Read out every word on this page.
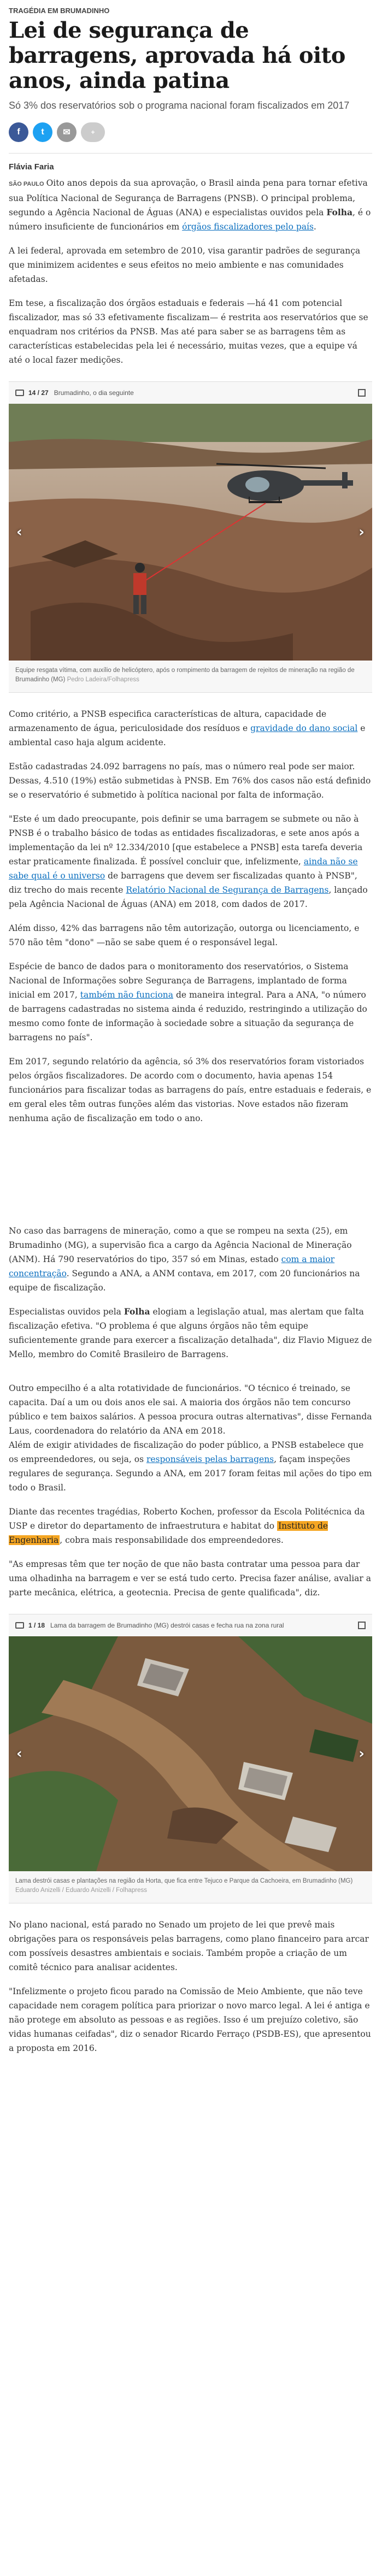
TRAGÉDIA EM BRUMADINHO
Lei de segurança de barragens, aprovada há oito anos, ainda patina
Só 3% dos reservatórios sob o programa nacional foram fiscalizados em 2017
f t ✉	+
Flávia Faria

SÃO PAULO Oito anos depois da sua aprovação, o Brasil ainda pena para tornar efetiva sua Política Nacional de Segurança de Barragens (PNSB). O principal problema, segundo a Agência Nacional de Águas (ANA) e especialistas ouvidos pela Folha, é o número insuficiente de funcionários em órgãos fiscalizadores pelo país.

A lei federal, aprovada em setembro de 2010, visa garantir padrões de segurança que minimizem acidentes e seus efeitos no meio ambiente e nas comunidades afetadas.

Em tese, a fiscalização dos órgãos estaduais e federais —há 41 com potencial fiscalizador, mas só 33 efetivamente fiscalizam— é restrita aos reservatórios que se enquadram nos critérios da PNSB. Mas até para saber se as barragens têm as características estabelecidas pela lei é necessário, muitas vezes, que a equipe vá até o local fazer medições.

14 / 27 Brumadinho, o dia seguinte
‹	›
Equipe resgata vítima, com auxílio de helicóptero, após o rompimento da barragem de rejeitos de mineração na região de Brumadinho (MG) Pedro Ladeira/Folhapress

Como critério, a PNSB especifica características de altura, capacidade de armazenamento de água, periculosidade dos resíduos e gravidade do dano social e ambiental caso haja algum acidente.

Estão cadastradas 24.092 barragens no país, mas o número real pode ser maior. Dessas, 4.510 (19%) estão submetidas à PNSB. Em 76% dos casos não está definido se o reservatório é submetido à política nacional por falta de informação.

"Este é um dado preocupante, pois definir se uma barragem se submete ou não à PNSB é o trabalho básico de todas as entidades fiscalizadoras, e sete anos após a implementação da lei nº 12.334/2010 [que estabelece a PNSB] esta tarefa deveria estar praticamente finalizada. É possível concluir que, infelizmente, ainda não se sabe qual é o universo de barragens que devem ser fiscalizadas quanto à PNSB", diz trecho do mais recente Relatório Nacional de Segurança de Barragens, lançado pela Agência Nacional de Águas (ANA) em 2018, com dados de 2017.

Além disso, 42% das barragens não têm autorização, outorga ou licenciamento, e 570 não têm "dono" —não se sabe quem é o responsável legal.

Espécie de banco de dados para o monitoramento dos reservatórios, o Sistema Nacional de Informações sobre Segurança de Barragens, implantado de forma inicial em 2017, também não funciona de maneira integral. Para a ANA, "o número de barragens cadastradas no sistema ainda é reduzido, restringindo a utilização do mesmo como fonte de informação à sociedade sobre a situação da segurança de barragens no país".

Em 2017, segundo relatório da agência, só 3% dos reservatórios foram vistoriados pelos órgãos fiscalizadores. De acordo com o documento, havia apenas 154 funcionários para fiscalizar todas as barragens do país, entre estaduais e federais, e em geral eles têm outras funções além das vistorias. Nove estados não fizeram nenhuma ação de fiscalização em todo o ano.

No caso das barragens de mineração, como a que se rompeu na sexta (25), em Brumadinho (MG), a supervisão fica a cargo da Agência Nacional de Mineração (ANM). Há 790 reservatórios do tipo, 357 só em Minas, estado com a maior concentração. Segundo a ANA, a ANM contava, em 2017, com 20 funcionários na equipe de fiscalização.

Especialistas ouvidos pela Folha elogiam a legislação atual, mas alertam que falta fiscalização efetiva. "O problema é que alguns órgãos não têm equipe suficientemente grande para exercer a fiscalização detalhada", diz Flavio Miguez de Mello, membro do Comitê Brasileiro de Barragens.

Outro empecilho é a alta rotatividade de funcionários. "O técnico é treinado, se capacita. Daí a um ou dois anos ele sai. A maioria dos órgãos não tem concurso público e tem baixos salários. A pessoa procura outras alternativas", disse Fernanda Laus, coordenadora do relatório da ANA em 2018.
Além de exigir atividades de fiscalização do poder público, a PNSB estabelece que os empreendedores, ou seja, os responsáveis pelas barragens, façam inspeções regulares de segurança. Segundo a ANA, em 2017 foram feitas mil ações do tipo em todo o Brasil.

Diante das recentes tragédias, Roberto Kochen, professor da Escola Politécnica da USP e diretor do departamento de infraestrutura e habitat do Instituto de Engenharia , cobra mais responsabilidade dos empreendedores.

"As empresas têm que ter noção de que não basta contratar uma pessoa para dar uma olhadinha na barragem e ver se está tudo certo. Precisa fazer análise, avaliar a parte mecânica, elétrica, a geotecnia. Precisa de gente qualificada", diz.

1 / 18 Lama da barragem de Brumadinho (MG) destrói casas e fecha rua na zona rural
‹	›
Lama destrói casas e plantações na região da Horta, que fica entre Tejuco e Parque da Cachoeira, em Brumadinho (MG) Eduardo Anizelli / Eduardo Anizelli / Folhapress

No plano nacional, está parado no Senado um projeto de lei que prevê mais obrigações para os responsáveis pelas barragens, como plano financeiro para arcar com possíveis desastres ambientais e sociais. Também propõe a criação de um comitê técnico para analisar acidentes.

"Infelizmente o projeto ficou parado na Comissão de Meio Ambiente, que não teve capacidade nem coragem política para priorizar o novo marco legal. A lei é antiga e não protege em absoluto as pessoas e as regiões. Isso é um prejuízo coletivo, são vidas humanas ceifadas", diz o senador Ricardo Ferraço (PSDB-ES), que apresentou a proposta em 2016.
